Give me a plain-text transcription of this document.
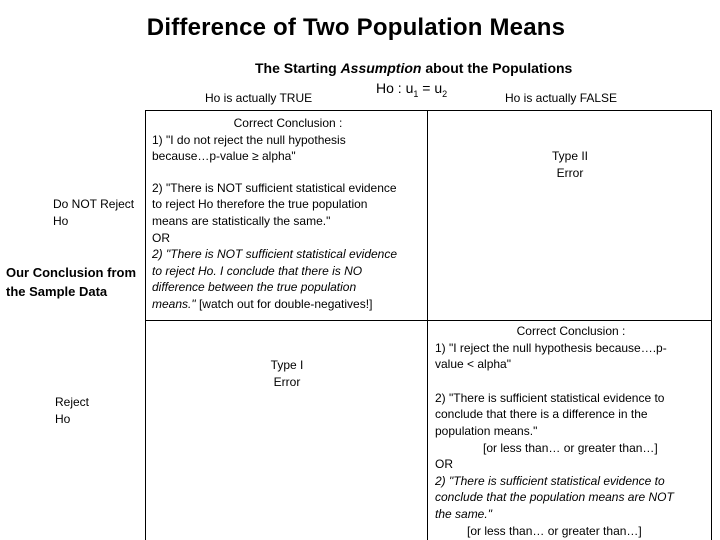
Difference of Two Population Means
The Starting Assumption about the Populations
Ho : $u_1 = u_2$
Ho is actually TRUE	Ho is actually FALSE
Do NOT Reject
Ho
Our Conclusion from
the Sample Data
Reject
Ho
Correct Conclusion :
1) "I do not reject the null hypothesis
because…p-value ≥ alpha"
2) "There is NOT sufficient statistical evidence
to reject Ho therefore the true population
means are statistically the same."
OR
2) "There is NOT sufficient statistical evidence
to reject Ho. I conclude that there is NO
difference between the true population
means." [watch out for double-negatives!]
Type II
Error
Type I
Error
Correct Conclusion :
1) "I reject the null hypothesis because….p-
value < alpha"
2) "There is sufficient statistical evidence to
conclude that there is a difference in the
population means."
[or less than… or greater than…]
OR
2) "There is sufficient statistical evidence to
conclude that the population means are NOT
the same."
[or less than… or greater than…]
